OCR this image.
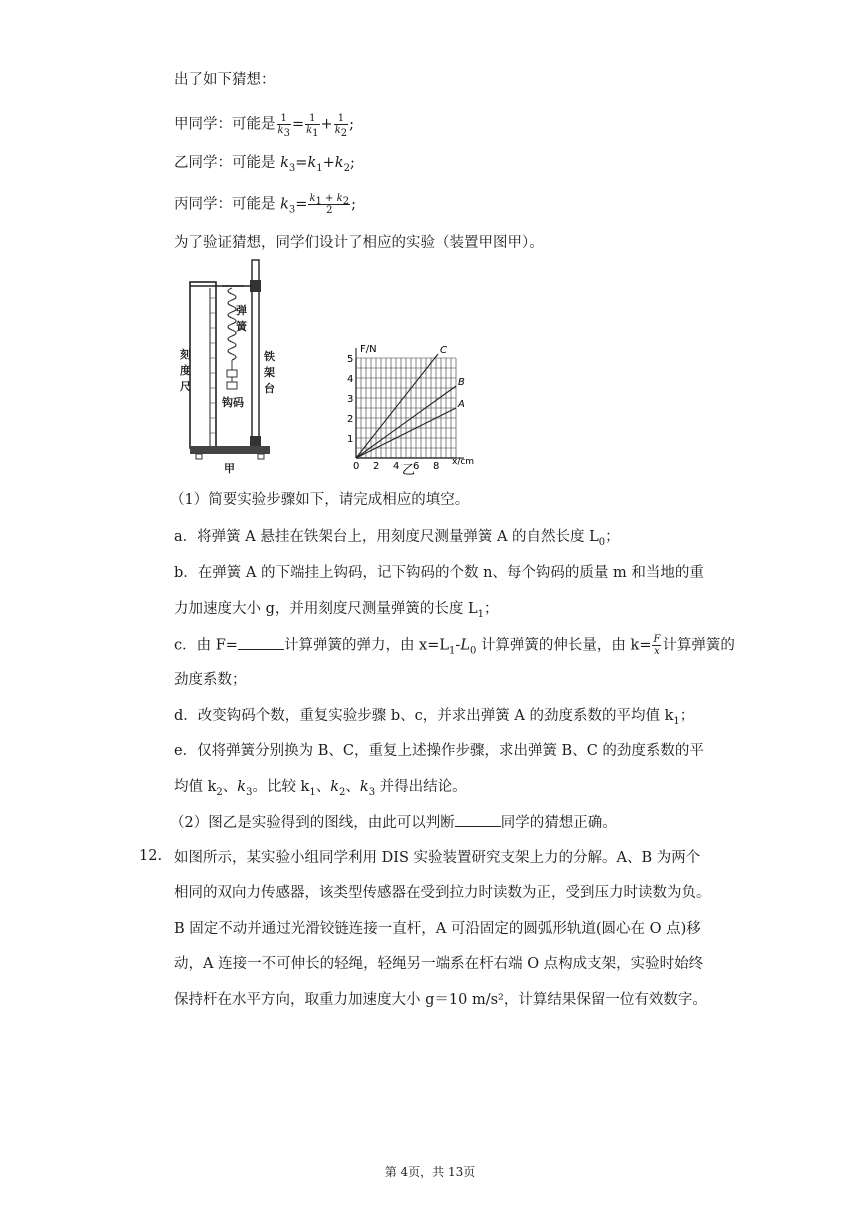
出了如下猜想：
甲同学：可能是 $\frac{1}{k_3} = \frac{1}{k_1} + \frac{1}{k_2}$ ;
乙同学：可能是 $k_3=k_1+k_2$;
丙同学：可能是 $k_3= \frac{k_1 + k_2}{2}$ ;
为了验证猜想，同学们设计了相应的实验（装置甲图甲）。
刻
度
尺
弹
簧
钩码
铁
架
台
甲
1
2
3
4
5
0 2 4 6 8
C
B
A
F/N
x/cm
乙
（1）简要实验步骤如下，请完成相应的填空。
a．将弹簧 A 悬挂在铁架台上，用刻度尺测量弹簧 A 的自然长度 $L_0$；
b．在弹簧 A 的下端挂上钩码，记下钩码的个数 n、每个钩码的质量 m 和当地的重
力加速度大小 g，并用刻度尺测量弹簧的长度 $L_1$；
c．由 F=	计算弹簧的弹力，由 $x=L_1-L_0$ 计算弹簧的伸长量，由 $k= \frac{F}{x}$ 计算弹簧的
劲度系数；
d．改变钩码个数，重复实验步骤 b、c，并求出弹簧 A 的劲度系数的平均值 $k_1$；
e．仅将弹簧分别换为 B、C，重复上述操作步骤，求出弹簧 B、C 的劲度系数的平
均值 $k_2$、$k_3$。比较 $k_1$、$k_2$、$k_3$ 并得出结论。
（2）图乙是实验得到的图线，由此可以判断	同学的猜想正确。
12. 如图所示，某实验小组同学利用 DIS 实验装置研究支架上力的分解。A、B 为两个
相同的双向力传感器，该类型传感器在受到拉力时读数为正，受到压力时读数为负。
B 固定不动并通过光滑铰链连接一直杆，A 可沿固定的圆弧形轨道(圆心在 O 点)移
动，A 连接一不可伸长的轻绳，轻绳另一端系在杆右端 O 点构成支架，实验时始终
保持杆在水平方向，取重力加速度大小 g＝10 m/s²，计算结果保留一位有效数字。
第 4页，共 13页
